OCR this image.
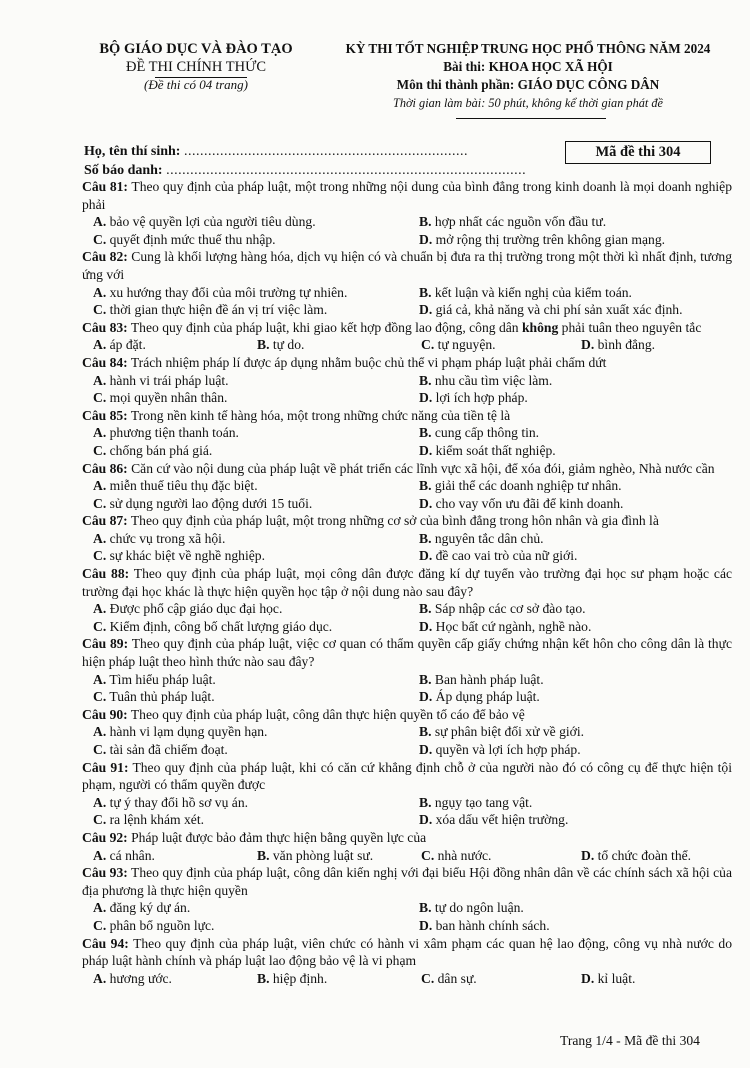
BỘ GIÁO DỤC VÀ ĐÀO TẠO
ĐỀ THI CHÍNH THỨC
(Đề thi có 04 trang)
KỲ THI TỐT NGHIỆP TRUNG HỌC PHỔ THÔNG NĂM 2024
Bài thi: KHOA HỌC XÃ HỘI
Môn thi thành phần: GIÁO DỤC CÔNG DÂN
Thời gian làm bài: 50 phút, không kể thời gian phát đề
Họ, tên thí sinh: .......................................................................
Số báo danh: ..........................................................................................
Mã đề thi 304
Câu 81: Theo quy định của pháp luật, một trong những nội dung của bình đẳng trong kinh doanh là mọi doanh nghiệp phải
A. bảo vệ quyền lợi của người tiêu dùng.	B. hợp nhất các nguồn vốn đầu tư.
C. quyết định mức thuế thu nhập.	D. mở rộng thị trường trên không gian mạng.
Câu 82: Cung là khối lượng hàng hóa, dịch vụ hiện có và chuẩn bị đưa ra thị trường trong một thời kì nhất định, tương ứng với
A. xu hướng thay đổi của môi trường tự nhiên.	B. kết luận và kiến nghị của kiểm toán.
C. thời gian thực hiện đề án vị trí việc làm.	D. giá cả, khả năng và chi phí sản xuất xác định.
Câu 83: Theo quy định của pháp luật, khi giao kết hợp đồng lao động, công dân không phải tuân theo nguyên tắc
A. áp đặt.	B. tự do.	C. tự nguyện.	D. bình đẳng.
Câu 84: Trách nhiệm pháp lí được áp dụng nhằm buộc chủ thể vi phạm pháp luật phải chấm dứt
A. hành vi trái pháp luật.	B. nhu cầu tìm việc làm.
C. mọi quyền nhân thân.	D. lợi ích hợp pháp.
Câu 85: Trong nền kinh tế hàng hóa, một trong những chức năng của tiền tệ là
A. phương tiện thanh toán.	B. cung cấp thông tin.
C. chống bán phá giá.	D. kiểm soát thất nghiệp.
Câu 86: Căn cứ vào nội dung của pháp luật về phát triển các lĩnh vực xã hội, để xóa đói, giảm nghèo, Nhà nước cần
A. miễn thuế tiêu thụ đặc biệt.	B. giải thể các doanh nghiệp tư nhân.
C. sử dụng người lao động dưới 15 tuổi.	D. cho vay vốn ưu đãi để kinh doanh.
Câu 87: Theo quy định của pháp luật, một trong những cơ sở của bình đẳng trong hôn nhân và gia đình là
A. chức vụ trong xã hội.	B. nguyên tắc dân chủ.
C. sự khác biệt về nghề nghiệp.	D. đề cao vai trò của nữ giới.
Câu 88: Theo quy định của pháp luật, mọi công dân được đăng kí dự tuyển vào trường đại học sư phạm hoặc các trường đại học khác là thực hiện quyền học tập ở nội dung nào sau đây?
A. Được phổ cập giáo dục đại học.	B. Sáp nhập các cơ sở đào tạo.
C. Kiểm định, công bố chất lượng giáo dục.	D. Học bất cứ ngành, nghề nào.
Câu 89: Theo quy định của pháp luật, việc cơ quan có thẩm quyền cấp giấy chứng nhận kết hôn cho công dân là thực hiện pháp luật theo hình thức nào sau đây?
A. Tìm hiểu pháp luật.	B. Ban hành pháp luật.
C. Tuân thủ pháp luật.	D. Áp dụng pháp luật.
Câu 90: Theo quy định của pháp luật, công dân thực hiện quyền tố cáo để bảo vệ
A. hành vi lạm dụng quyền hạn.	B. sự phân biệt đối xử về giới.
C. tài sản đã chiếm đoạt.	D. quyền và lợi ích hợp pháp.
Câu 91: Theo quy định của pháp luật, khi có căn cứ khẳng định chỗ ở của người nào đó có công cụ để thực hiện tội phạm, người có thẩm quyền được
A. tự ý thay đổi hồ sơ vụ án.	B. ngụy tạo tang vật.
C. ra lệnh khám xét.	D. xóa dấu vết hiện trường.
Câu 92: Pháp luật được bảo đảm thực hiện bằng quyền lực của
A. cá nhân.	B. văn phòng luật sư.	C. nhà nước.	D. tổ chức đoàn thể.
Câu 93: Theo quy định của pháp luật, công dân kiến nghị với đại biểu Hội đồng nhân dân về các chính sách xã hội của địa phương là thực hiện quyền
A. đăng ký dự án.	B. tự do ngôn luận.
C. phân bổ nguồn lực.	D. ban hành chính sách.
Câu 94: Theo quy định của pháp luật, viên chức có hành vi xâm phạm các quan hệ lao động, công vụ nhà nước do pháp luật hành chính và pháp luật lao động bảo vệ là vi phạm
A. hương ước.	B. hiệp định.	C. dân sự.	D. kỉ luật.
Trang 1/4 - Mã đề thi 304
